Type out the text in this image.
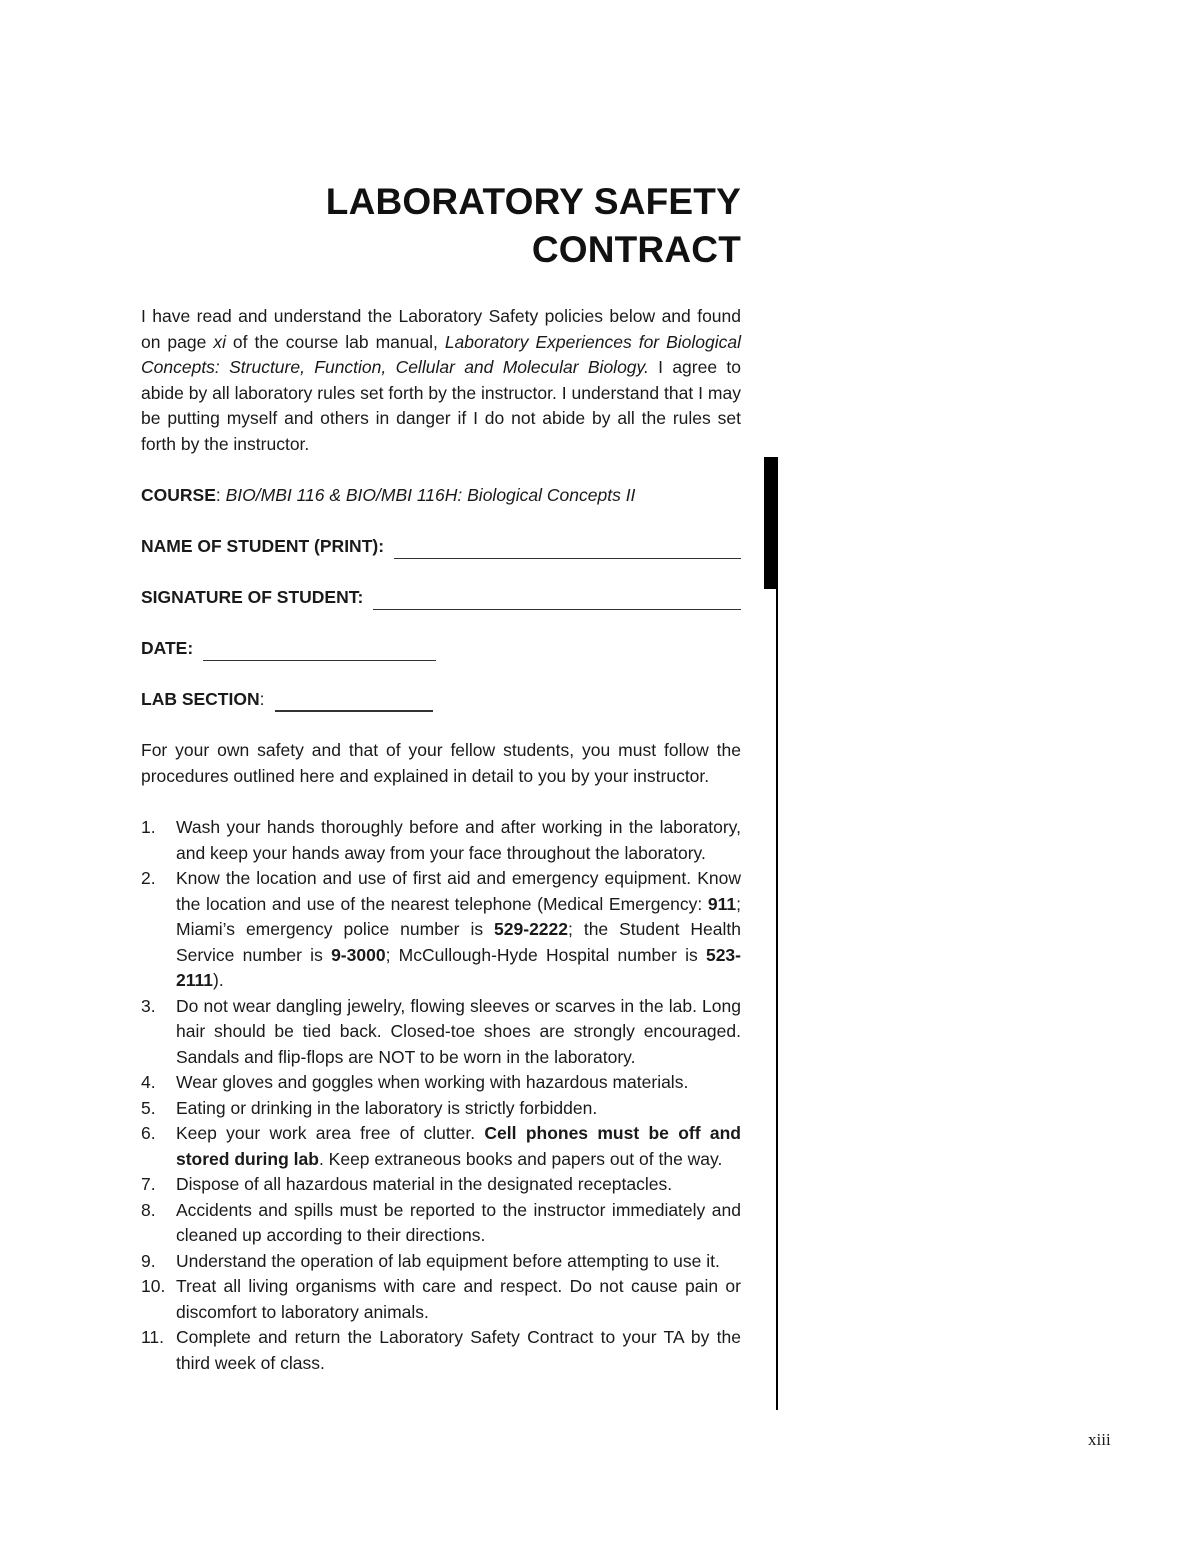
LABORATORY SAFETY
CONTRACT

I have read and understand the Laboratory Safety policies below and found on page xi of the course lab manual, Laboratory Experiences for Biological Concepts: Structure, Function, Cellular and Molecular Biology. I agree to abide by all laboratory rules set forth by the instructor. I understand that I may be putting myself and others in danger if I do not abide by all the rules set forth by the instructor.

COURSE : BIO/MBI 116 & BIO/MBI 116H: Biological Concepts II
NAME OF STUDENT (PRINT):
SIGNATURE OF STUDENT:
DATE:
LAB SECTION :

For your own safety and that of your fellow students, you must follow the procedures outlined here and explained in detail to you by your instructor.

1.	Wash your hands thoroughly before and after working in the laboratory, and keep your hands away from your face throughout the laboratory.
2.	Know the location and use of first aid and emergency equipment. Know the location and use of the nearest telephone (Medical Emergency: 911; Miami’s emergency police number is 529-2222; the Student Health Service number is 9-3000; McCullough-Hyde Hospital number is 523-2111).
3.	Do not wear dangling jewelry, flowing sleeves or scarves in the lab. Long hair should be tied back. Closed-toe shoes are strongly encouraged. Sandals and flip-flops are NOT to be worn in the laboratory.
4.	Wear gloves and goggles when working with hazardous materials.
5.	Eating or drinking in the laboratory is strictly forbidden.
6.	Keep your work area free of clutter. Cell phones must be off and stored during lab. Keep extraneous books and papers out of the way.
7.	Dispose of all hazardous material in the designated receptacles.
8.	Accidents and spills must be reported to the instructor immediately and cleaned up according to their directions.
9.	Understand the operation of lab equipment before attempting to use it.
10. Treat all living organisms with care and respect. Do not cause pain or discomfort to laboratory animals.
11. Complete and return the Laboratory Safety Contract to your TA by the third week of class.
xiii
